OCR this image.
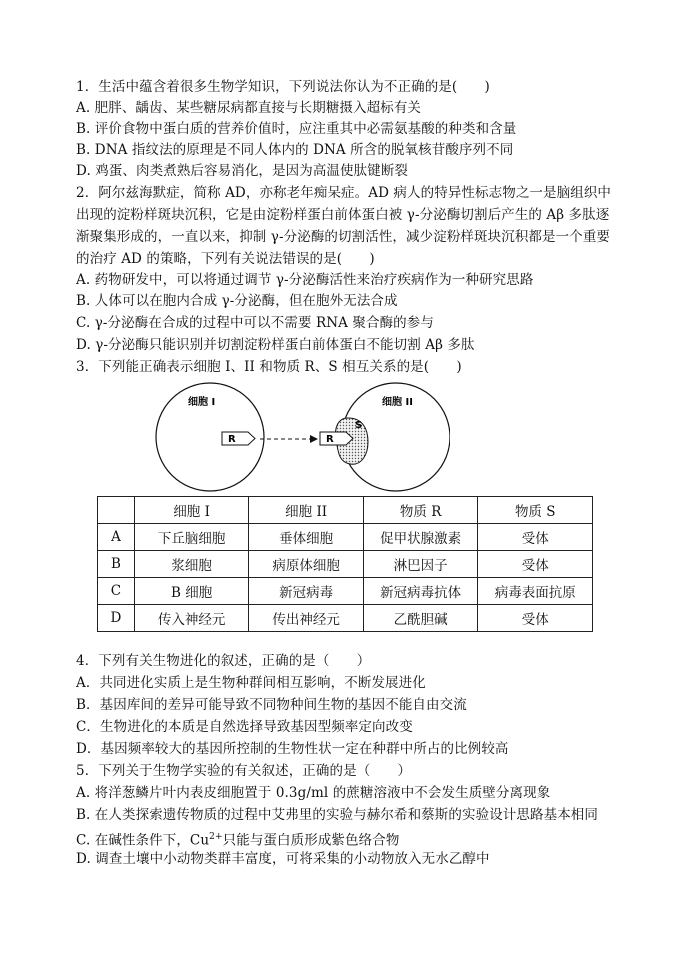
1．生活中蕴含着很多生物学知识，下列说法你认为不正确的是(　　)
A. 肥胖、龋齿、某些糖尿病都直接与长期糖摄入超标有关
B. 评价食物中蛋白质的营养价值时，应注重其中必需氨基酸的种类和含量
B. DNA 指纹法的原理是不同人体内的 DNA 所含的脱氧核苷酸序列不同
D. 鸡蛋、肉类煮熟后容易消化，是因为高温使肽键断裂
2．阿尔兹海默症，简称 AD，亦称老年痴呆症。AD 病人的特异性标志物之一是脑组织中
出现的淀粉样斑块沉积，它是由淀粉样蛋白前体蛋白被 γ-分泌酶切割后产生的 Aβ 多肽逐
渐聚集形成的，一直以来，抑制 γ-分泌酶的切割活性，减少淀粉样斑块沉积都是一个重要
的治疗 AD 的策略，下列有关说法错误的是(　　)
A. 药物研发中，可以将通过调节 γ-分泌酶活性来治疗疾病作为一种研究思路
B. 人体可以在胞内合成 γ-分泌酶，但在胞外无法合成
C. γ-分泌酶在合成的过程中可以不需要 RNA 聚合酶的参与
D. γ-分泌酶只能识别并切割淀粉样蛋白前体蛋白不能切割 Aβ 多肽
3．下列能正确表示细胞 I、II 和物质 R、S 相互关系的是(　　)
细胞 I
R
细胞 II
S
R
	细胞 I	细胞 II	物质 R	物质 S
A	下丘脑细胞	垂体细胞	促甲状腺激素	受体
B	浆细胞	病原体细胞	淋巴因子	受体
C	B 细胞	新冠病毒	新冠病毒抗体	病毒表面抗原
D	传入神经元	传出神经元	乙酰胆碱	受体
4．下列有关生物进化的叙述，正确的是（　　）
A．共同进化实质上是生物种群间相互影响，不断发展进化
B．基因库间的差异可能导致不同物种间生物的基因不能自由交流
C．生物进化的本质是自然选择导致基因型频率定向改变
D．基因频率较大的基因所控制的生物性状一定在种群中所占的比例较高
5．下列关于生物学实验的有关叙述，正确的是（　　）
A. 将洋葱鳞片叶内表皮细胞置于 0.3g/ml 的蔗糖溶液中不会发生质壁分离现象
B. 在人类探索遗传物质的过程中艾弗里的实验与赫尔希和蔡斯的实验设计思路基本相同
C. 在碱性条件下，$Cu^{2+}$只能与蛋白质形成紫色络合物
D. 调查土壤中小动物类群丰富度，可将采集的小动物放入无水乙醇中
